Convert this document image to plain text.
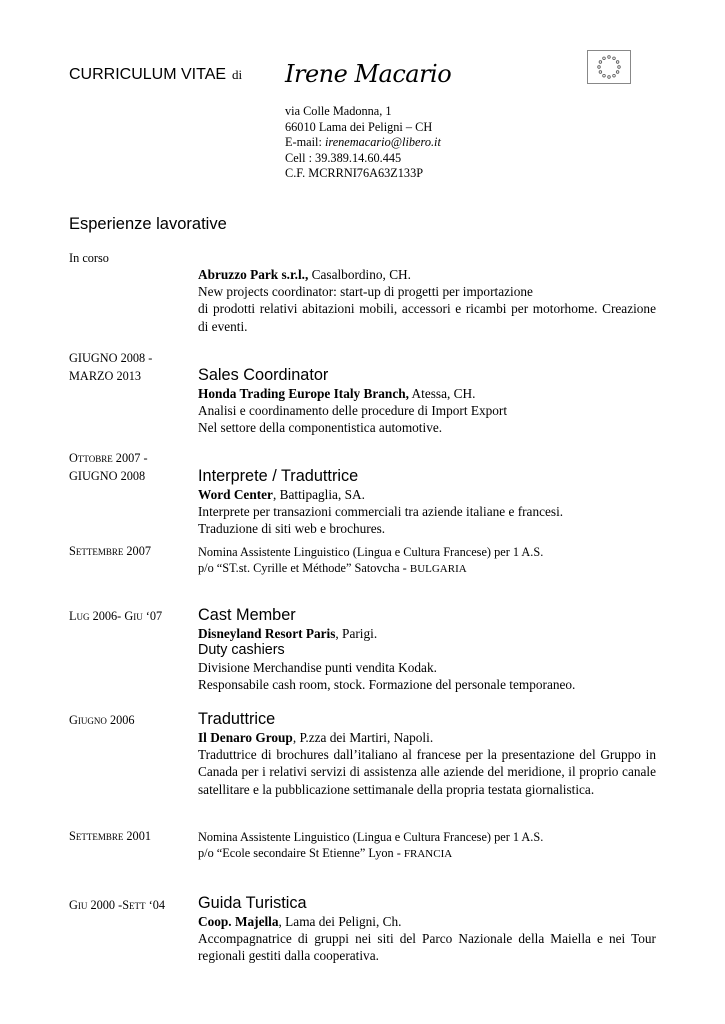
CURRICULUM VITAE di Irene Macario
via Colle Madonna, 1
66010 Lama dei Peligni – CH
E-mail: irenemacario@libero.it
Cell : 39.389.14.60.445
C.F. MCRRNI76A63Z133P
Esperienze lavorative
In corso

Abruzzo Park s.r.l., Casalbordino, CH.

New projects coordinator: start-up di progetti per importazione

di prodotti relativi abitazioni mobili, accessori e ricambi per motorhome. Creazione di eventi.

GIUGNO 2008 -
MARZO 2013	Sales Coordinator

Honda Trading Europe Italy Branch, Atessa, CH.

Analisi e coordinamento delle procedure di Import Export

Nel settore della componentistica automotive.

Ottobre 2007 -
GIUGNO 2008	Interprete / Traduttrice

Word Center, Battipaglia, SA.

Interprete per transazioni commerciali tra aziende italiane e francesi.

Traduzione di siti web e brochures.

Settembre 2007	Nomina Assistente Linguistico (Lingua e Cultura Francese) per 1 A.S.

p/o “ST.st. Cyrille et Méthode” Satovcha - BULGARIA

Lug 2006- Giu ‘07 Cast Member

Disneyland Resort Paris, Parigi.

Duty cashiers

Divisione Merchandise punti vendita Kodak.

Responsabile cash room, stock. Formazione del personale temporaneo.

Giugno 2006	Traduttrice

Il Denaro Group, P.zza dei Martiri, Napoli.

Traduttrice di brochures dall’italiano al francese per la presentazione del Gruppo in Canada per i relativi servizi di assistenza alle aziende del meridione, il proprio canale satellitare e la pubblicazione settimanale della propria testata giornalistica.

Settembre 2001	Nomina Assistente Linguistico (Lingua e Cultura Francese) per 1 A.S.

p/o “Ecole secondaire St Etienne” Lyon - FRANCIA

Giu 2000 -Sett ‘04 Guida Turistica

Coop. Majella, Lama dei Peligni, Ch.

Accompagnatrice di gruppi nei siti del Parco Nazionale della Maiella e nei Tour regionali gestiti dalla cooperativa.
